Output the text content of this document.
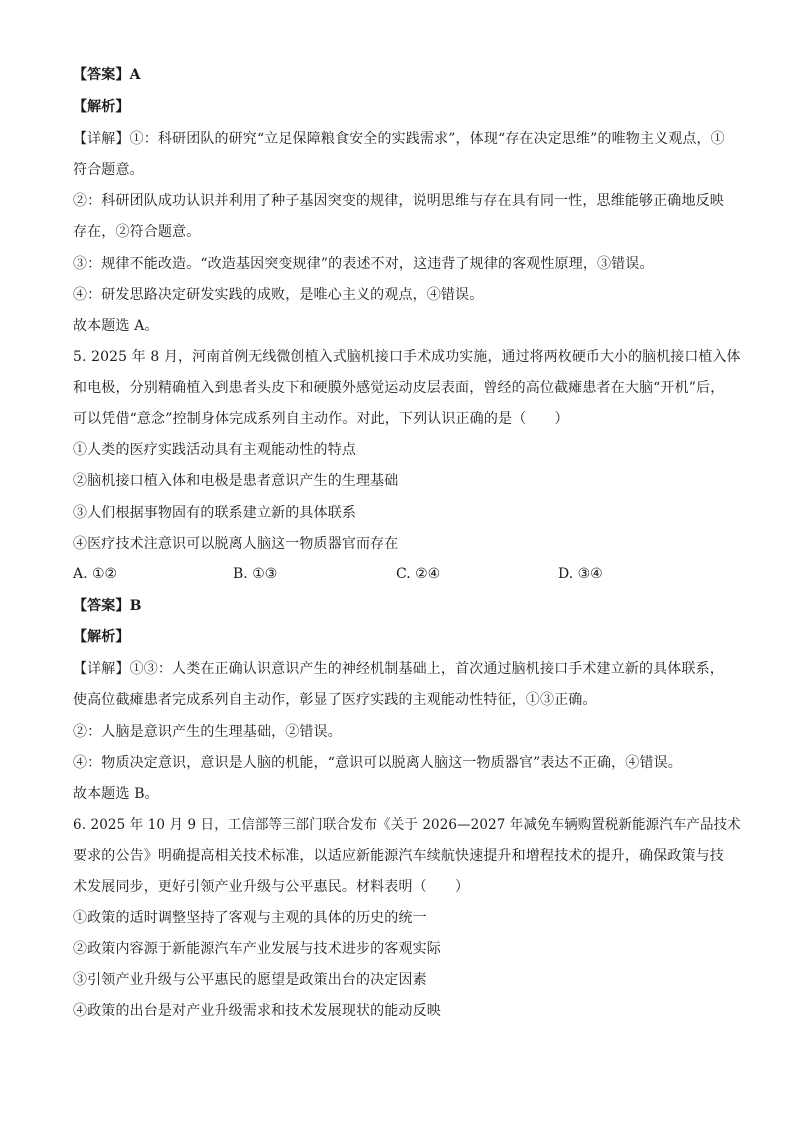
【答案】A
【解析】
【详解】①：科研团队的研究“立足保障粮食安全的实践需求”，体现“存在决定思维”的唯物主义观点，①
符合题意。
②：科研团队成功认识并利用了种子基因突变的规律，说明思维与存在具有同一性，思维能够正确地反映
存在，②符合题意。
③：规律不能改造。“改造基因突变规律”的表述不对，这违背了规律的客观性原理，③错误。
④：研发思路决定研发实践的成败，是唯心主义的观点，④错误。
故本题选 A。
5. 2025 年 8 月，河南首例无线微创植入式脑机接口手术成功实施，通过将两枚硬币大小的脑机接口植入体
和电极，分别精确植入到患者头皮下和硬膜外感觉运动皮层表面，曾经的高位截瘫患者在大脑“开机”后，
可以凭借“意念”控制身体完成系列自主动作。对此，下列认识正确的是（　　）
①人类的医疗实践活动具有主观能动性的特点
②脑机接口植入体和电极是患者意识产生的生理基础
③人们根据事物固有的联系建立新的具体联系
④医疗技术注意识可以脱离人脑这一物质器官而存在
A. ①②	B. ①③	C. ②④	D. ③④
【答案】B
【解析】
【详解】①③：人类在正确认识意识产生的神经机制基础上，首次通过脑机接口手术建立新的具体联系，
使高位截瘫患者完成系列自主动作，彰显了医疗实践的主观能动性特征，①③正确。
②：人脑是意识产生的生理基础，②错误。
④：物质决定意识，意识是人脑的机能，“意识可以脱离人脑这一物质器官”表达不正确，④错误。
故本题选 B。
6. 2025 年 10 月 9 日，工信部等三部门联合发布《关于 2026—2027 年减免车辆购置税新能源汽车产品技术
要求的公告》明确提高相关技术标准，以适应新能源汽车续航快速提升和增程技术的提升，确保政策与技
术发展同步，更好引领产业升级与公平惠民。材料表明（　　）
①政策的适时调整坚持了客观与主观的具体的历史的统一
②政策内容源于新能源汽车产业发展与技术进步的客观实际
③引领产业升级与公平惠民的愿望是政策出台的决定因素
④政策的出台是对产业升级需求和技术发展现状的能动反映
